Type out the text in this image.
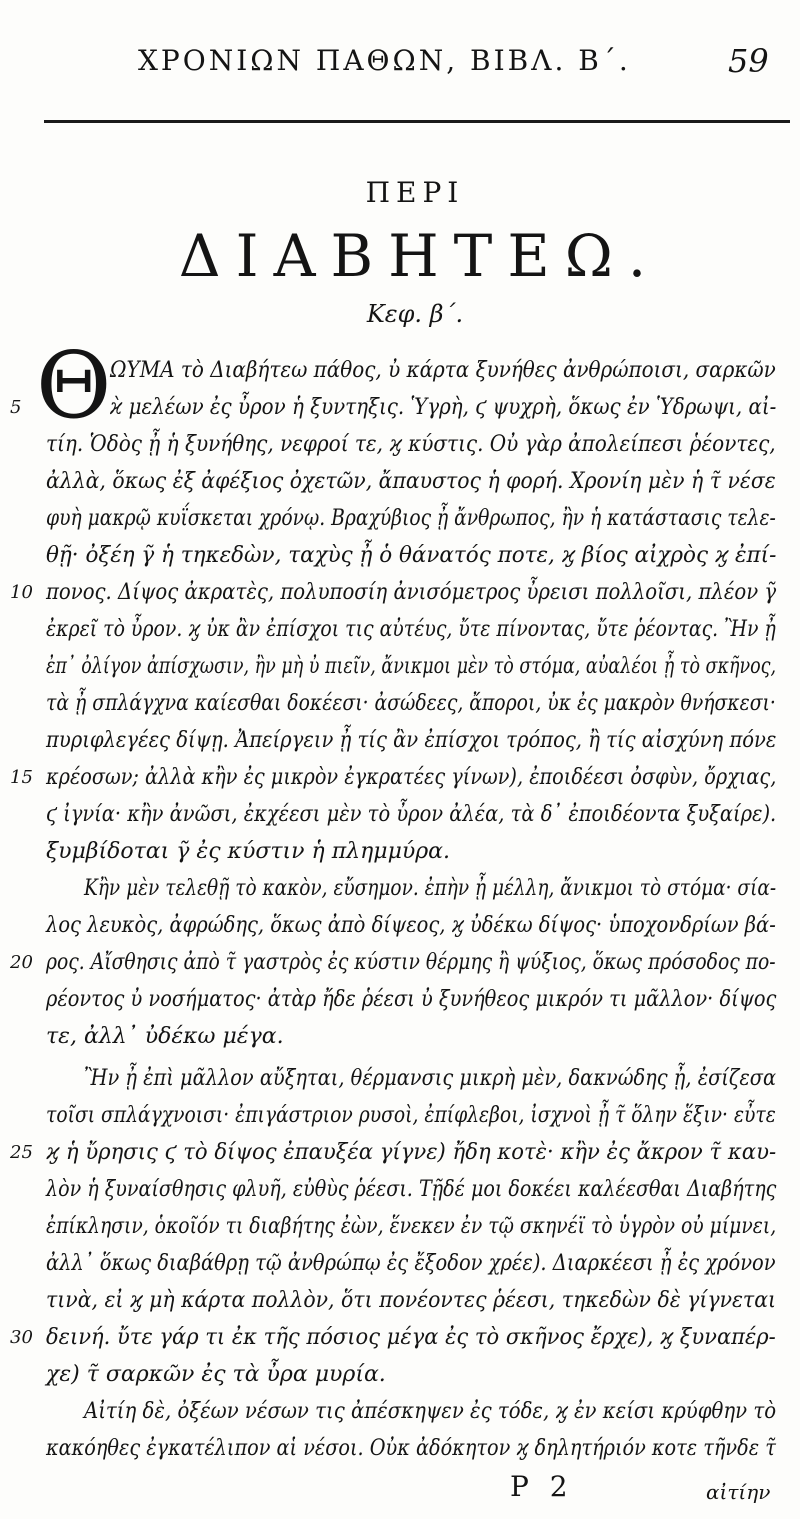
ΧΡΟΝΙΩΝ ΠΑΘΩΝ, ΒΙΒΛ. Β΄.	59
ΠΕΡΙ
ΔΙΑΒΗΤΕΩ.
Κεφ. β΄.
Θ
ΩΥΜΑ τὸ Διαβήτεω πάθος, ὐ κάρτα ξυνήθες ἀνθρώποισι, σαρκῶν
ϰ̀ μελέων ἐς ὖρον ἡ ξυντηξις. Ὑγρὴ, ϛ ψυχρὴ, ὅκως ἐν Ὑδρωψι, αἰ-
τίη. Ὁδὸς ᾖ ἡ ξυνήθης, νεφροί τε, ϗ κύστις. Οὐ γὰρ ἀπολείπεσι ῥέοντες,
ἀλλὰ, ὅκως ἐξ ἀφέξιος ὀχετῶν, ἄπαυστος ἡ φορή. Χρονίη μὲν ἡ τ̃ νέσε
φυὴ μακρῷ κυΐσκεται χρόνῳ. Βραχύβιος ᾖ ἄνθρωπος, ἢν ἡ κατάστασις τελε-
θῇ· ὀξέη γ̃ ἡ τηκεδὼν, ταχὺς ᾖ ὁ θάνατός ποτε, ϗ βίος αἰχρὸς ϗ ἐπί-
πονος. Δίψος ἀκρατὲς, πολυποσίη ἀνισόμετρος ὖρεισι πολλοῖσι, πλέον γ̃
ἐκρεῖ τὸ ὖρον. ϗ ὐκ ἂν ἐπίσχοι τις αὐτέυς, ὔτε πίνοντας, ὔτε ῥέοντας. Ἢν ᾖ
ἐπ᾽ ὀλίγον ἀπίσχωσιν, ἢν μὴ ὐ πιεῖν, ἄνικμοι μὲν τὸ στόμα, αὐαλέοι ᾖ τὸ σκῆνος,
τὰ ᾖ σπλάγχνα καίεσθαι δοκέεσι· ἀσώδεες, ἄποροι, ὐκ ἐς μακρὸν θνήσκεσι·
πυριφλεγέες δίψῃ. Ἀπείργειν ᾖ τίς ἂν ἐπίσχοι τρόπος, ἢ τίς αἰσχύνη πόνε
κρέοσων; ἀλλὰ κἢν ἐς μικρὸν ἐγκρατέες γίνων), ἐποιδέεσι ὀσφὺν, ὄρχιας,
ϛ ἰγνία· κἢν ἀνῶσι, ἐκχέεσι μὲν τὸ ὖρον ἀλέα, τὰ δ᾽ ἐποιδέοντα ξυξαίρε).
ξυμβίδοται γ̃ ἐς κύστιν ἡ πλημμύρα.
Κἢν μὲν τελεθῇ τὸ κακὸν, εὔσημον. ἐπὴν ᾖ μέλλη, ἄνικμοι τὸ στόμα· σία-
λος λευκὸς, ἀφρώδης, ὅκως ἀπὸ δίψεος, ϗ ὐδέκω δίψος· ὑποχονδρίων βά-
ρος. Αἴσθησις ἀπὸ τ̃ γαστρὸς ἐς κύστιν θέρμης ἢ ψύξιος, ὅκως πρόσοδος πο-
ρέοντος ὐ νοσήματος· ἀτὰρ ἤδε ῥέεσι ὐ ξυνήθεος μικρόν τι μᾶλλον· δίψος
τε, ἀλλ᾽ ὐδέκω μέγα.
Ἢν ᾖ ἐπὶ μᾶλλον αὔξηται, θέρμανσις μικρὴ μὲν, δακνώδης ᾖ, ἐσίζεσα
τοῖσι σπλάγχνοισι· ἐπιγάστριον ρυσοὶ, ἐπίφλεβοι, ἰσχνοὶ ᾖ τ̃ ὅλην ἕξιν· εὖτε
ϗ ἡ ὔρησις ϛ τὸ δίψος ἐπαυξέα γίγνε) ἤδη κοτὲ· κἢν ἐς ἄκρον τ̃ καυ-
λὸν ἡ ξυναίσθησις φλυῆ, εὐθὺς ῥέεσι. Τῇδέ μοι δοκέει καλέεσθαι Διαβήτης
ἐπίκλησιν, ὁκοῖόν τι διαβήτης ἐὼν, ἕνεκεν ἐν τῷ σκηνέϊ τὸ ὑγρὸν οὐ μίμνει,
ἀλλ᾽ ὅκως διαβάθρῃ τῷ ἀνθρώπῳ ἐς ἔξοδον χρέε). Διαρκέεσι ᾖ ἐς χρόνον
τινὰ, εἰ ϗ μὴ κάρτα πολλὸν, ὅτι πονέοντες ῥέεσι, τηκεδὼν δὲ γίγνεται
δεινή. ὔτε γάρ τι ἐκ τῆς πόσιος μέγα ἐς τὸ σκῆνος ἔρχε), ϗ ξυναπέρ-
χε) τ̃ σαρκῶν ἐς τὰ ὖρα μυρία.
Αἰτίη δὲ, ὀξέων νέσων τις ἀπέσκηψεν ἐς τόδε, ϗ ἐν κείσι κρύφθην τὸ
κακόηθες ἐγκατέλιπον αἱ νέσοι. Οὐκ ἀδόκητον ϗ δηλητήριόν κοτε τῆνδε τ̃
5
10
15
20
25
30
P 2	αἰτίην
